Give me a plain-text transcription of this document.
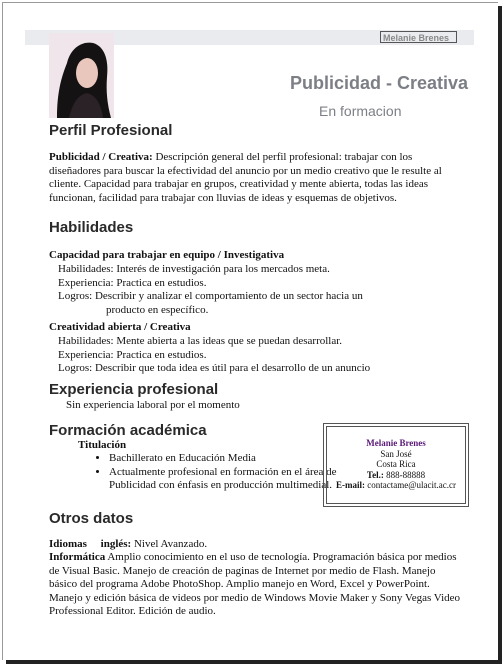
Melanie Brenes
Publicidad - Creativa
En formacion
Perfil Profesional
Publicidad / Creativa: Descripción general del perfil profesional: trabajar con los diseñadores para buscar la efectividad del anuncio por un medio creativo que le resulte al cliente. Capacidad para trabajar en grupos, creatividad y mente abierta, todas las ideas funcionan, facilidad para trabajar con lluvias de ideas y esquemas de objetivos.
Habilidades
Capacidad para trabajar en equipo / Investigativa
Habilidades: Interés de investigación para los mercados meta.
Experiencia: Practica en estudios.
Logros: Describir y analizar el comportamiento de un sector hacia un
producto en específico.
Creatividad abierta / Creativa
Habilidades: Mente abierta a las ideas que se puedan desarrollar.
Experiencia: Practica en estudios.
Logros: Describir que toda idea es útil para el desarrollo de un anuncio
Experiencia profesional
Sin experiencia laboral por el momento
Formación académica
Titulación
• Bachillerato en Educación Media
• Actualmente profesional en formación en el área de Publicidad con énfasis en producción multimedial.
Melanie Brenes
San José
Costa Rica
Tel.: 888-88888
E-mail: contactame@ulacit.ac.cr
Otros datos
Idiomas inglés: Nivel Avanzado.
Informática Amplio conocimiento en el uso de tecnología. Programación básica por medios de Visual Basic. Manejo de creación de paginas de Internet por medio de Flash. Manejo básico del programa Adobe PhotoShop. Amplio manejo en Word, Excel y PowerPoint. Manejo y edición básica de videos por medio de Windows Movie Maker y Sony Vegas Video Professional Editor. Edición de audio.
